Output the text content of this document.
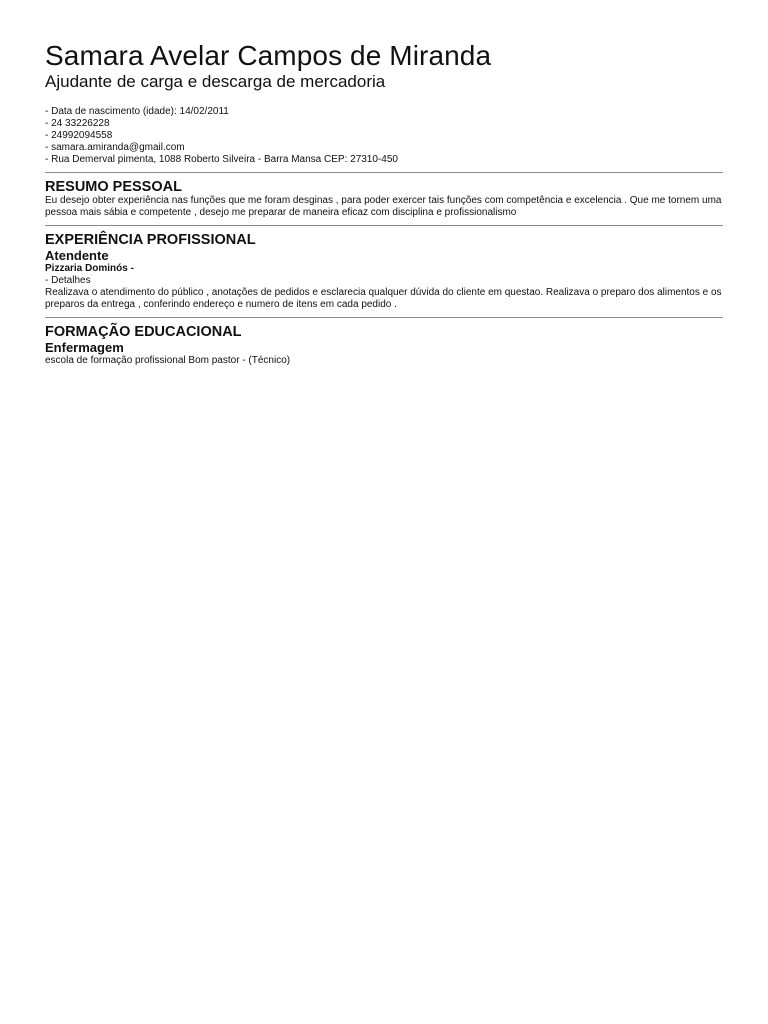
Samara Avelar Campos de Miranda
Ajudante de carga e descarga de mercadoria
- Data de nascimento (idade): 14/02/2011
- 24 33226228
- 24992094558
- samara.amiranda@gmail.com
- Rua Demerval pimenta, 1088 Roberto Silveira - Barra Mansa CEP: 27310-450
RESUMO PESSOAL

Eu desejo obter experiência nas funções que me foram desginas , para poder exercer tais funções com competência e excelencia . Que me tornem uma pessoa mais sábia e competente , desejo me preparar de maneira eficaz com disciplina e profissionalismo

EXPERIÊNCIA PROFISSIONAL
Atendente
Pizzaria Dominós -

- Detalhes

Realizava o atendimento do público , anotações de pedidos e esclarecia qualquer dúvida do cliente em questao. Realizava o preparo dos alimentos e os preparos da entrega , conferindo endereço e numero de itens em cada pedido .

FORMAÇÃO EDUCACIONAL
Enfermagem

escola de formação profissional Bom pastor - (Técnico)
